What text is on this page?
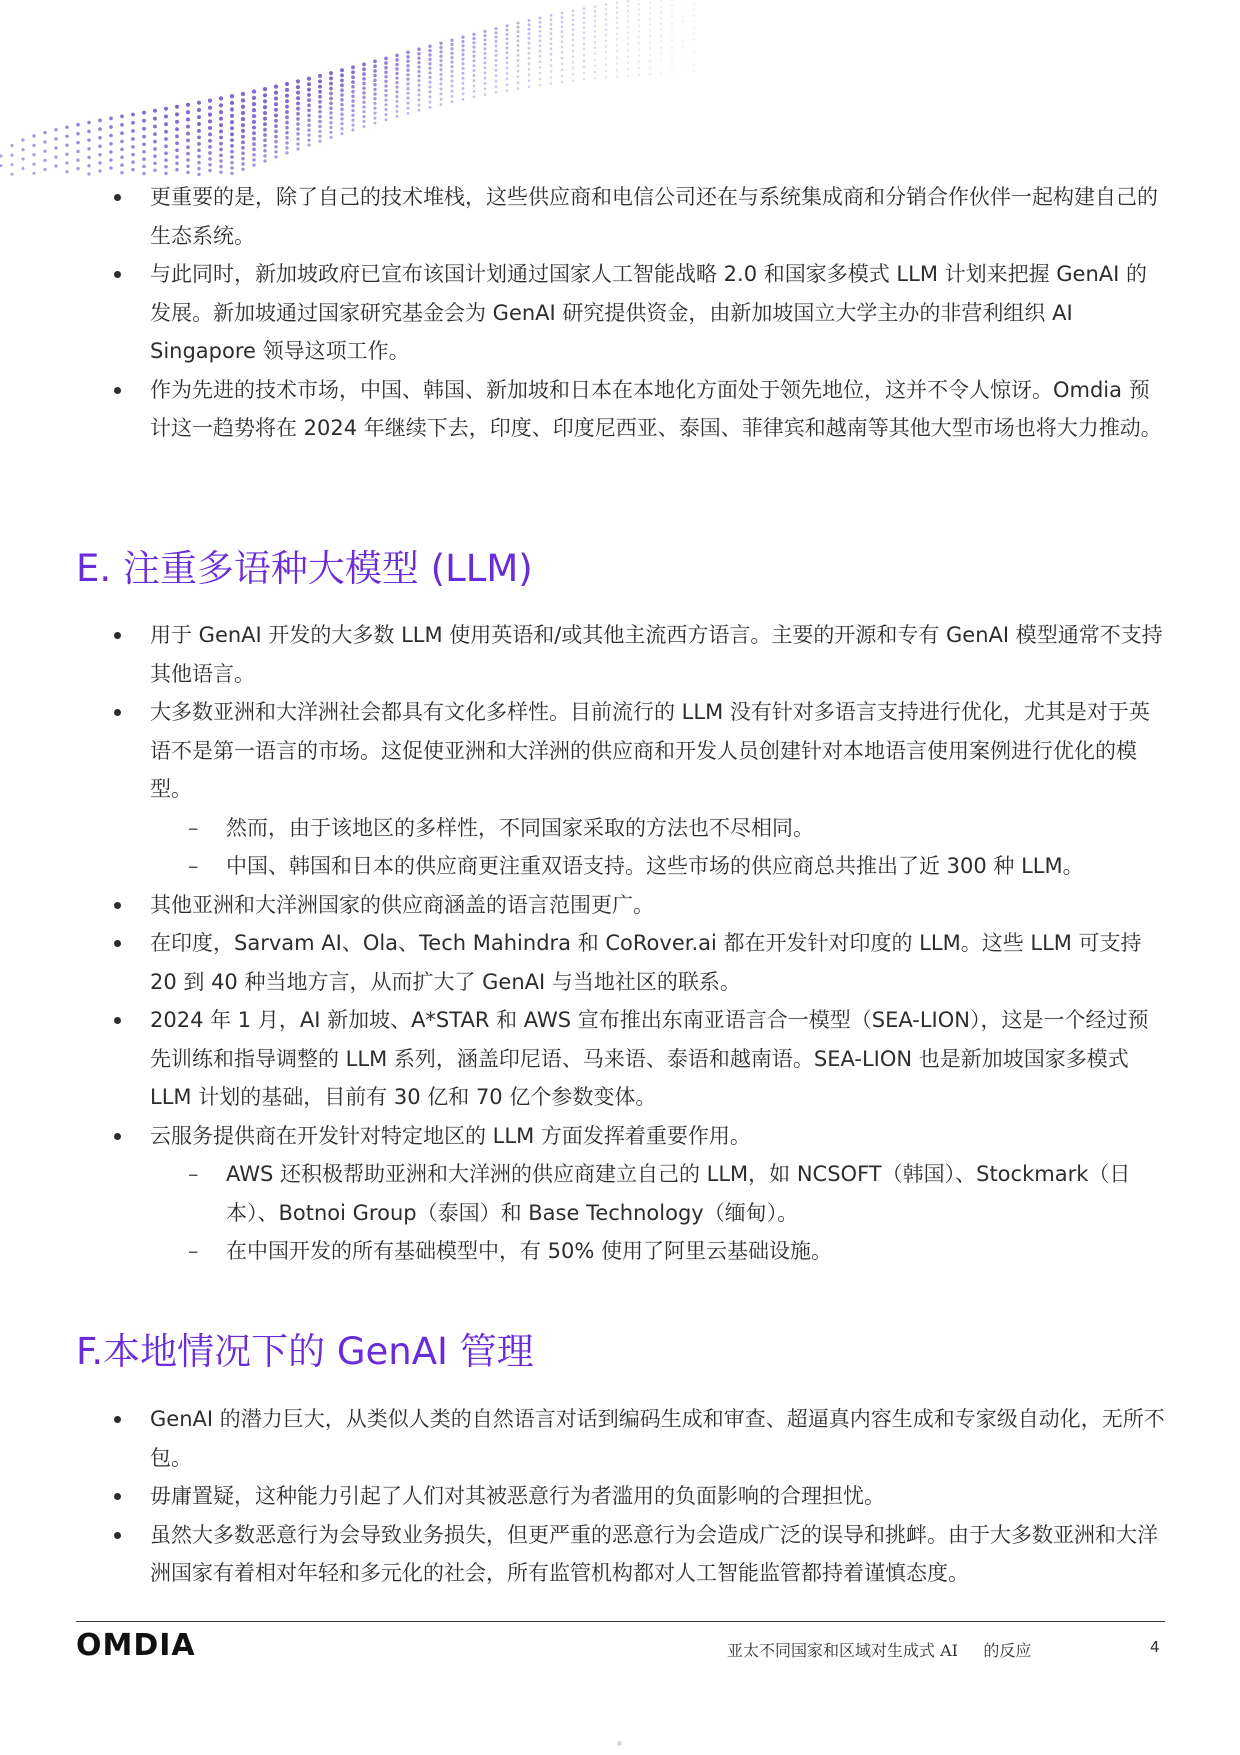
更重要的是，除了自己的技术堆栈，这些供应商和电信公司还在与系统集成商和分销合作伙伴一起构建自己的生态系统。
与此同时，新加坡政府已宣布该国计划通过国家人工智能战略 2.0 和国家多模式 LLM 计划来把握 GenAI 的发展。新加坡通过国家研究基金会为 GenAI 研究提供资金，由新加坡国立大学主办的非营利组织 AI Singapore 领导这项工作。
作为先进的技术市场，中国、韩国、新加坡和日本在本地化方面处于领先地位，这并不令人惊讶。Omdia 预计这一趋势将在 2024 年继续下去，印度、印度尼西亚、泰国、菲律宾和越南等其他大型市场也将大力推动。
E. 注重多语种大模型 (LLM)
用于 GenAI 开发的大多数 LLM 使用英语和/或其他主流西方语言。主要的开源和专有 GenAI 模型通常不支持其他语言。
大多数亚洲和大洋洲社会都具有文化多样性。目前流行的 LLM 没有针对多语言支持进行优化，尤其是对于英语不是第一语言的市场。这促使亚洲和大洋洲的供应商和开发人员创建针对本地语言使用案例进行优化的模型。
– 然而，由于该地区的多样性，不同国家采取的方法也不尽相同。
– 中国、韩国和日本的供应商更注重双语支持。这些市场的供应商总共推出了近 300 种 LLM。
其他亚洲和大洋洲国家的供应商涵盖的语言范围更广。
在印度，Sarvam AI、Ola、Tech Mahindra 和 CoRover.ai 都在开发针对印度的 LLM。这些 LLM 可支持 20 到 40 种当地方言，从而扩大了 GenAI 与当地社区的联系。
2024 年 1 月，AI 新加坡、A*STAR 和 AWS 宣布推出东南亚语言合一模型（SEA-LION），这是一个经过预先训练和指导调整的 LLM 系列，涵盖印尼语、马来语、泰语和越南语。SEA-LION 也是新加坡国家多模式 LLM 计划的基础，目前有 30 亿和 70 亿个参数变体。
云服务提供商在开发针对特定地区的 LLM 方面发挥着重要作用。
– AWS 还积极帮助亚洲和大洋洲的供应商建立自己的 LLM，如 NCSOFT（韩国）、Stockmark（日本）、Botnoi Group（泰国）和 Base Technology（缅甸）。
– 在中国开发的所有基础模型中，有 50% 使用了阿里云基础设施。
F.本地情况下的 GenAI 管理
GenAI 的潜力巨大，从类似人类的自然语言对话到编码生成和审查、超逼真内容生成和专家级自动化，无所不包。
毋庸置疑，这种能力引起了人们对其被恶意行为者滥用的负面影响的合理担忧。
虽然大多数恶意行为会导致业务损失，但更严重的恶意行为会造成广泛的误导和挑衅。由于大多数亚洲和大洋洲国家有着相对年轻和多元化的社会，所有监管机构都对人工智能监管都持着谨慎态度。
OMDIA	亚太不同国家和区域对生成式 AI     的反应	4
